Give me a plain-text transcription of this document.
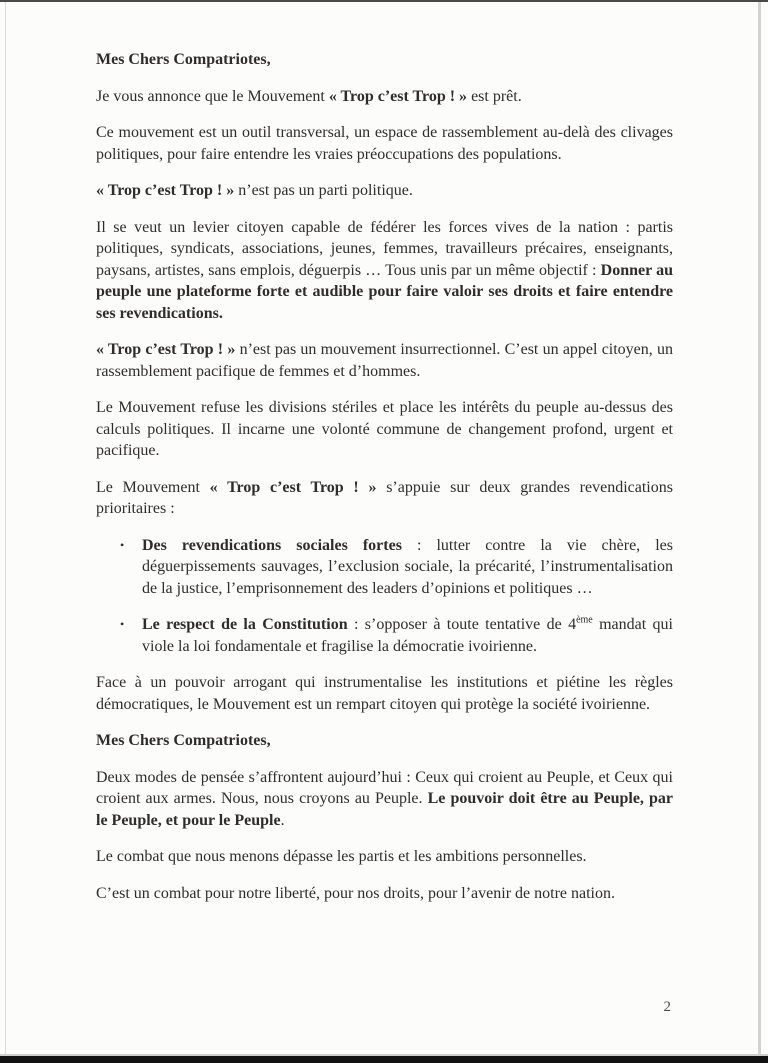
Mes Chers Compatriotes,

Je vous annonce que le Mouvement « Trop c’est Trop ! » est prêt.

Ce mouvement est un outil transversal, un espace de rassemblement au-delà des clivages politiques, pour faire entendre les vraies préoccupations des populations.

« Trop c’est Trop ! » n’est pas un parti politique.

Il se veut un levier citoyen capable de fédérer les forces vives de la nation : partis politiques, syndicats, associations, jeunes, femmes, travailleurs précaires, enseignants, paysans, artistes, sans emplois, déguerpis … Tous unis par un même objectif : Donner au peuple une plateforme forte et audible pour faire valoir ses droits et faire entendre ses revendications.

« Trop c’est Trop ! » n’est pas un mouvement insurrectionnel. C’est un appel citoyen, un rassemblement pacifique de femmes et d’hommes.

Le Mouvement refuse les divisions stériles et place les intérêts du peuple au-dessus des calculs politiques. Il incarne une volonté commune de changement profond, urgent et pacifique.

Le Mouvement « Trop c’est Trop ! » s’appuie sur deux grandes revendications prioritaires :

•	Des revendications sociales fortes : lutter contre la vie chère, les déguerpissements sauvages, l’exclusion sociale, la précarité, l’instrumentalisation de la justice, l’emprisonnement des leaders d’opinions et politiques …
•	Le respect de la Constitution : s’opposer à toute tentative de 4ème mandat qui viole la loi fondamentale et fragilise la démocratie ivoirienne.

Face à un pouvoir arrogant qui instrumentalise les institutions et piétine les règles démocratiques, le Mouvement est un rempart citoyen qui protège la société ivoirienne.

Mes Chers Compatriotes,

Deux modes de pensée s’affrontent aujourd’hui : Ceux qui croient au Peuple, et Ceux qui croient aux armes. Nous, nous croyons au Peuple. Le pouvoir doit être au Peuple, par le Peuple, et pour le Peuple.

Le combat que nous menons dépasse les partis et les ambitions personnelles.

C’est un combat pour notre liberté, pour nos droits, pour l’avenir de notre nation.

2
